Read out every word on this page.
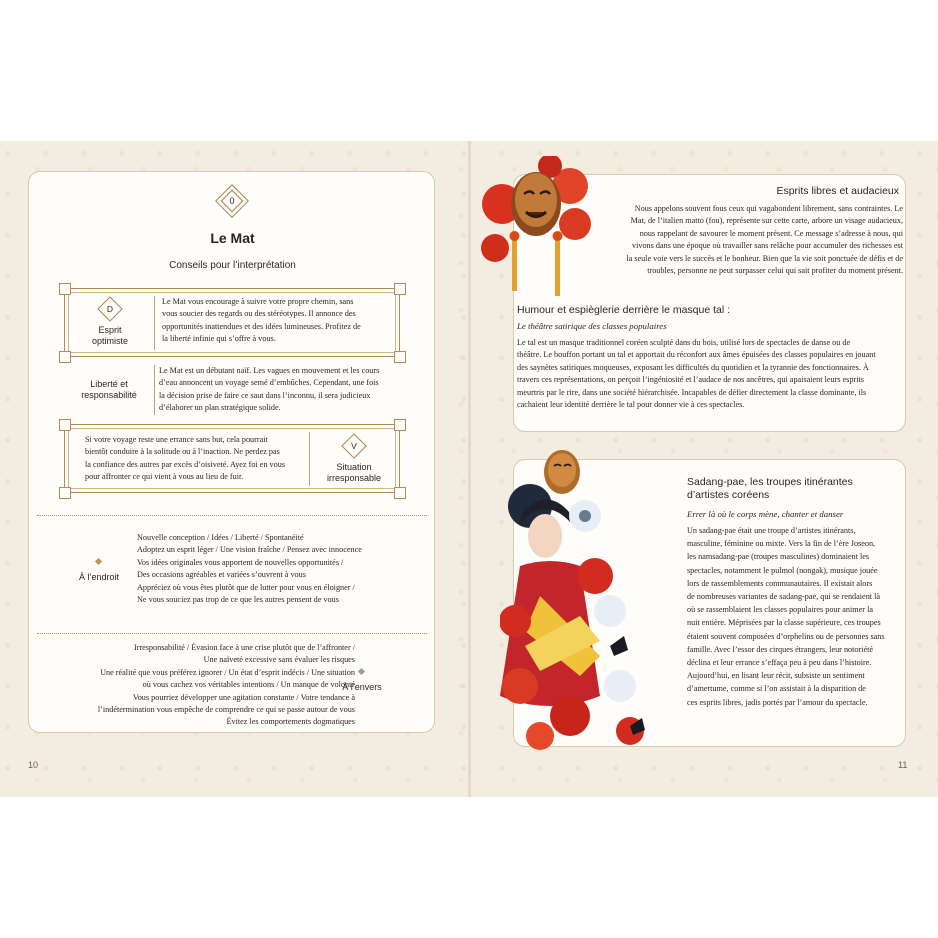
0
Le Mat
Conseils pour l’interprétation
D
Esprit
optimiste
Le Mat vous encourage à suivre votre propre chemin, sans
vous soucier des regards ou des stéréotypes. Il annonce des
opportunités inattendues et des idées lumineuses. Profitez de
la liberté infinie qui s’offre à vous.
Liberté et
responsabilité
Le Mat est un débutant naïf. Les vagues en mouvement et les cours
d’eau annoncent un voyage semé d’embûches. Cependant, une fois
la décision prise de faire ce saut dans l’inconnu, il sera judicieux
d’élaborer un plan stratégique solide.
Si votre voyage reste une errance sans but, cela pourrait
bientôt conduire à la solitude ou à l’inaction. Ne perdez pas
la confiance des autres par excès d’oisiveté. Ayez foi en vous
pour affronter ce qui vient à vous au lieu de fuir.
V
Situation
irresponsable
À l’endroit
Nouvelle conception / Idées / Liberté / Spontanéité
Adoptez un esprit léger / Une vision fraîche / Pensez avec innocence
Vos idées originales vous apportent de nouvelles opportunités /
Des occasions agréables et variées s’ouvrent à vous
Appréciez où vous êtes plutôt que de lutter pour vous en éloigner /
Ne vous souciez pas trop de ce que les autres pensent de vous
Irresponsabilité / Évasion face à une crise plutôt que de l’affronter /
Une naïveté excessive sans évaluer les risques
Une réalité que vous préférez ignorer / Un état d’esprit indécis / Une situation
où vous cachez vos véritables intentions / Un manque de volonté
Vous pourriez développer une agitation constante / Votre tendance à
l’indétermination vous empêche de comprendre ce qui se passe autour de vous
Évitez les comportements dogmatiques
À l’envers
10
Esprits libres et audacieux
Nous appelons souvent fous ceux qui vagabondent librement, sans contraintes. Le
Mat, de l’italien matto (fou), représente sur cette carte, arbore un visage audacieux,
nous rappelant de savourer le moment présent. Ce message s’adresse à nous, qui
vivons dans une époque où travailler sans relâche pour accumuler des richesses est
la seule voie vers le succès et le bonheur. Bien que la vie soit ponctuée de défis et de
troubles, personne ne peut surpasser celui qui sait profiter du moment présent.
Humour et espièglerie derrière le masque tal :
Le théâtre satirique des classes populaires
Le tal est un masque traditionnel coréen sculpté dans du bois, utilisé lors de spectacles de danse ou de
théâtre. Le bouffon portant un tal et apportait du réconfort aux âmes épuisées des classes populaires en jouant
des saynètes satiriques moqueuses, exposant les difficultés du quotidien et la tyrannie des fonctionnaires. À
travers ces représentations, on perçoit l’ingéniosité et l’audace de nos ancêtres, qui apaisaient leurs esprits
meurtris par le rire, dans une société hiérarchisée. Incapables de défier directement la classe dominante, ils
cachaient leur identité derrière le tal pour donner vie à ces spectacles.
Sadang-pae, les troupes itinérantes
d’artistes coréens
Errer là où le corps mène, chanter et danser
Un sadang-pae était une troupe d’artistes itinérants,
masculine, féminine ou mixte. Vers la fin de l’ère Joseon,
les namsadang-pae (troupes masculines) dominaient les
spectacles, notamment le pulmol (nongak), musique jouée
lors de rassemblements communautaires. Il existait alors
de nombreuses variantes de sadang-pae, qui se rendaient là
où se rassemblaient les classes populaires pour animer la
nuit entière. Méprisées par la classe supérieure, ces troupes
étaient souvent composées d’orphelins ou de personnes sans
famille. Avec l’essor des cirques étrangers, leur notoriété
déclina et leur errance s’effaça peu à peu dans l’histoire.
Aujourd’hui, en lisant leur récit, subsiste un sentiment
d’amertume, comme si l’on assistait à la disparition de
ces esprits libres, jadis portés par l’amour du spectacle.
11
